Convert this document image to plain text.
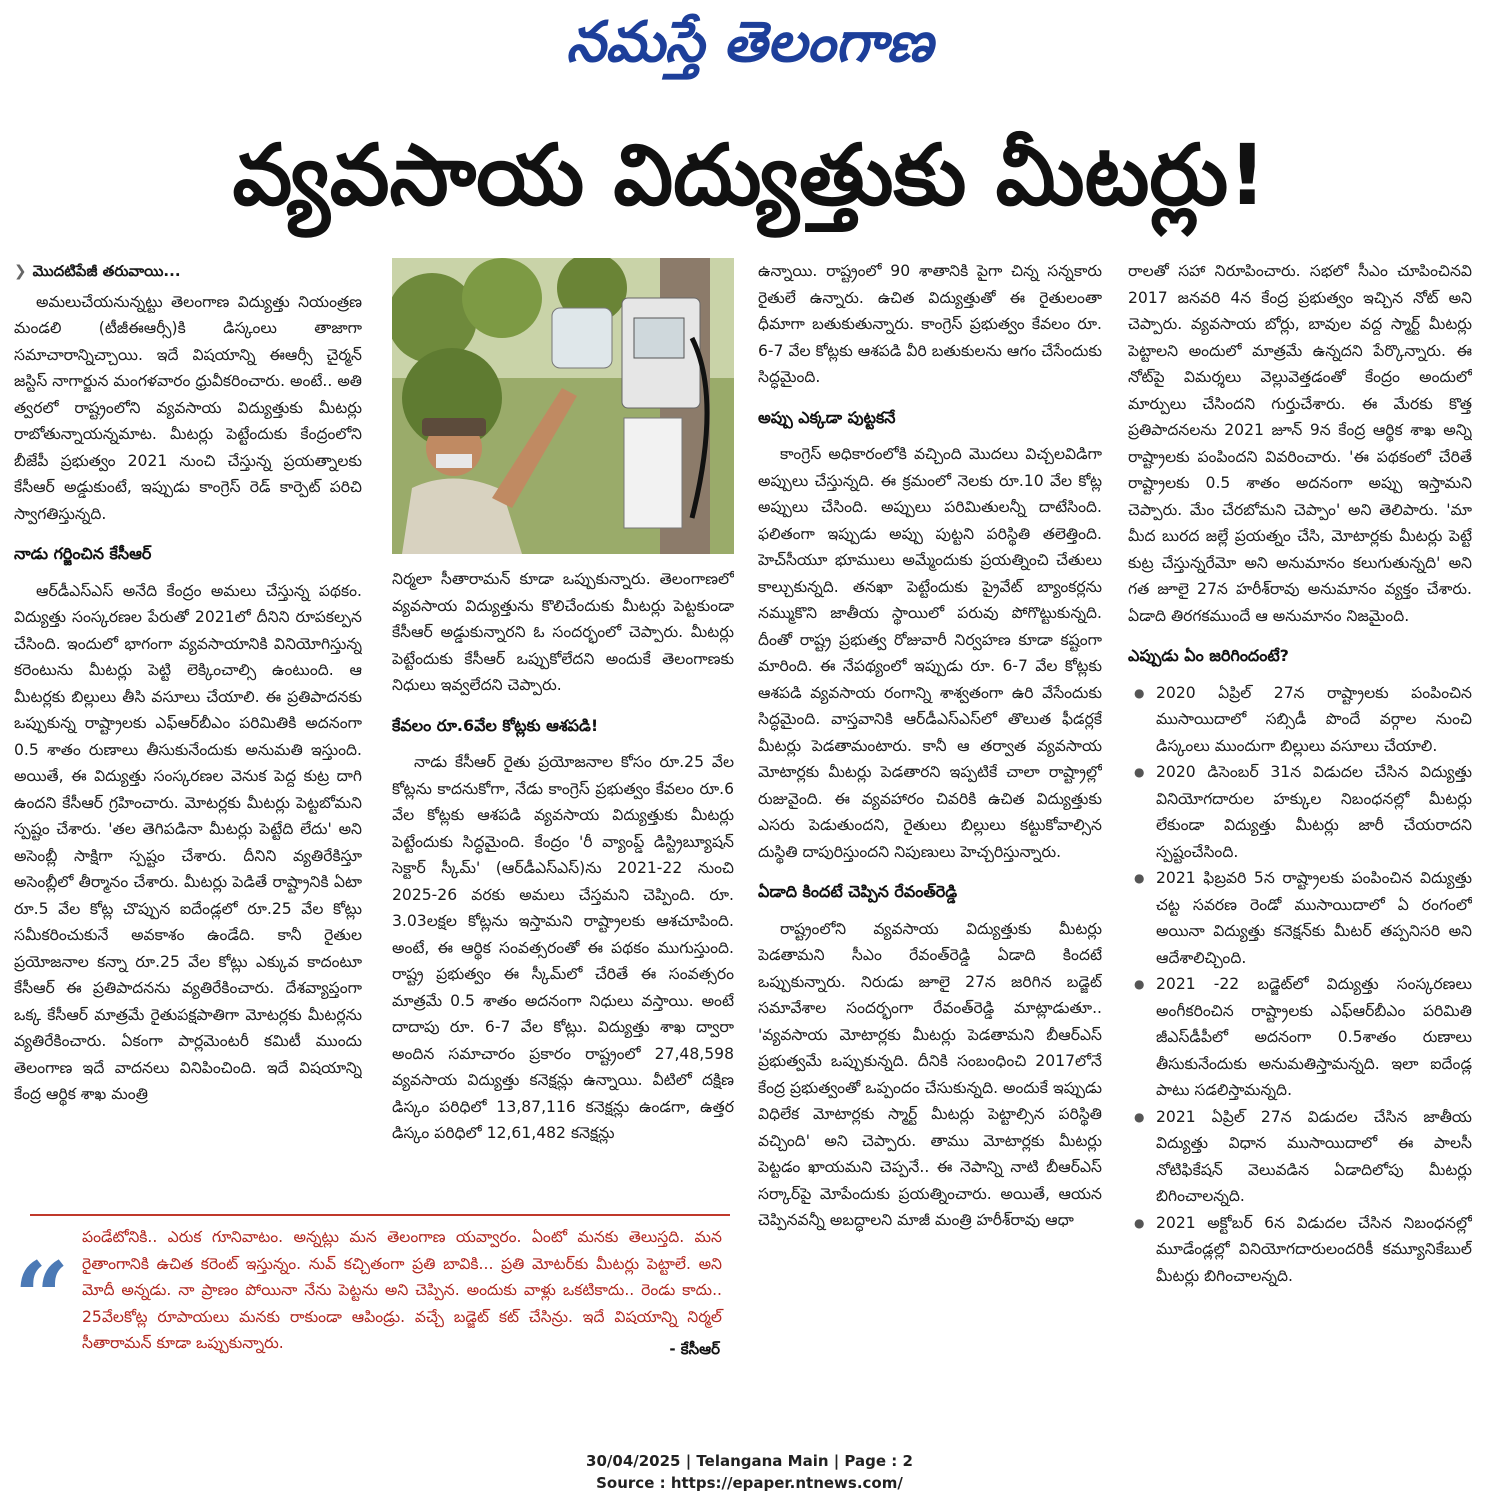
నమస్తే తెలంగాణ
వ్యవసాయ విద్యుత్తుకు మీటర్లు!
❯ మొదటిపేజీ తరువాయి...

అమలుచేయనున్నట్టు తెలంగాణ విద్యుత్తు నియంత్రణ మండలి (టీజీఈఆర్సీ)కి డిస్కంలు తాజాగా సమాచారాన్నిచ్చాయి. ఇదే విషయాన్ని ఈఆర్సీ చైర్మన్ జస్టిస్ నాగార్జున మంగళవారం ధ్రువీకరించారు. అంటే.. అతి త్వరలో రాష్ట్రంలోని వ్యవసాయ విద్యుత్తుకు మీటర్లు రాబోతున్నాయన్నమాట. మీటర్లు పెట్టేందుకు కేంద్రంలోని బీజేపీ ప్రభుత్వం 2021 నుంచి చేస్తున్న ప్రయత్నాలకు కేసీఆర్ అడ్డుకుంటే, ఇప్పుడు కాంగ్రెస్ రెడ్ కార్పెట్ పరిచి స్వాగతిస్తున్నది.

నాడు గర్జించిన కేసీఆర్

ఆర్‌డీఎస్‌ఎస్ అనేది కేంద్రం అమలు చేస్తున్న పథకం. విద్యుత్తు సంస్కరణల పేరుతో 2021లో దీనిని రూపకల్పన చేసింది. ఇందులో భాగంగా వ్యవసాయానికి వినియోగిస్తున్న కరెంటును మీటర్లు పెట్టి లెక్కించాల్సి ఉంటుంది. ఆ మీటర్లకు బిల్లులు తీసి వసూలు చేయాలి. ఈ ప్రతిపాదనకు ఒప్పుకున్న రాష్ట్రాలకు ఎఫ్ఆర్‌బీఎం పరిమితికి అదనంగా 0.5 శాతం రుణాలు తీసుకునేందుకు అనుమతి ఇస్తుంది. అయితే, ఈ విద్యుత్తు సంస్కరణల వెనుక పెద్ద కుట్ర దాగి ఉందని కేసీఆర్ గ్రహించారు. మోటర్లకు మీటర్లు పెట్టబోమని స్పష్టం చేశారు. 'తల తెగిపడినా మీటర్లు పెట్టేది లేదు' అని అసెంబ్లీ సాక్షిగా స్పష్టం చేశారు. దీనిని వ్యతిరేకిస్తూ అసెంబ్లీలో తీర్మానం చేశారు. మీటర్లు పెడితే రాష్ట్రానికి ఏటా రూ.5 వేల కోట్ల చొప్పున ఐదేండ్లలో రూ.25 వేల కోట్లు సమీకరించుకునే అవకాశం ఉండేది. కానీ రైతుల ప్రయోజనాల కన్నా రూ.25 వేల కోట్లు ఎక్కువ కాదంటూ కేసీఆర్ ఈ ప్రతిపాదనను వ్యతిరేకించారు. దేశవ్యాప్తంగా ఒక్క కేసీఆర్ మాత్రమే రైతుపక్షపాతిగా మోటర్లకు మీటర్లను వ్యతిరేకించారు. ఏకంగా పార్లమెంటరీ కమిటీ ముందు తెలంగాణ ఇదే వాదనలు వినిపించింది. ఇదే విషయాన్ని కేంద్ర ఆర్థిక శాఖ మంత్రి

నిర్మలా సీతారామన్ కూడా ఒప్పుకున్నారు. తెలంగాణలో వ్యవసాయ విద్యుత్తును కొలిచేందుకు మీటర్లు పెట్టకుండా కేసీఆర్ అడ్డుకున్నారని ఓ సందర్భంలో చెప్పారు. మీటర్లు పెట్టేందుకు కేసీఆర్ ఒప్పుకోలేదని అందుకే తెలంగాణకు నిధులు ఇవ్వలేదని చెప్పారు.

కేవలం రూ.6వేల కోట్లకు ఆశపడి!

నాడు కేసీఆర్ రైతు ప్రయోజనాల కోసం రూ.25 వేల కోట్లను కాదనుకోగా, నేడు కాంగ్రెస్ ప్రభుత్వం కేవలం రూ.6 వేల కోట్లకు ఆశపడి వ్యవసాయ విద్యుత్తుకు మీటర్లు పెట్టేందుకు సిద్ధమైంది. కేంద్రం 'రీ వ్యాంప్డ్ డిస్ట్రిబ్యూషన్ సెక్టార్ స్కీమ్' (ఆర్‌డీఎస్‌ఎస్)ను 2021-22 నుంచి 2025-26 వరకు అమలు చేస్తమని చెప్పింది. రూ. 3.03లక్షల కోట్లను ఇస్తామని రాష్ట్రాలకు ఆశచూపింది. అంటే, ఈ ఆర్థిక సంవత్సరంతో ఈ పథకం ముగుస్తుంది. రాష్ట్ర ప్రభుత్వం ఈ స్కీమ్‌లో చేరితే ఈ సంవత్సరం మాత్రమే 0.5 శాతం అదనంగా నిధులు వస్తాయి. అంటే దాదాపు రూ. 6-7 వేల కోట్లు. విద్యుత్తు శాఖ ద్వారా అందిన సమాచారం ప్రకారం రాష్ట్రంలో 27,48,598 వ్యవసాయ విద్యుత్తు కనెక్షన్లు ఉన్నాయి. వీటిలో దక్షిణ డిస్కం పరిధిలో 13,87,116 కనెక్షన్లు ఉండగా, ఉత్తర డిస్కం పరిధిలో 12,61,482 కనెక్షన్లు

ఉన్నాయి. రాష్ట్రంలో 90 శాతానికి పైగా చిన్న సన్నకారు రైతులే ఉన్నారు. ఉచిత విద్యుత్తుతో ఈ రైతులంతా ధీమాగా బతుకుతున్నారు. కాంగ్రెస్ ప్రభుత్వం కేవలం రూ. 6-7 వేల కోట్లకు ఆశపడి వీరి బతుకులను ఆగం చేసేందుకు సిద్ధమైంది.

అప్పు ఎక్కడా పుట్టకనే

కాంగ్రెస్ అధికారంలోకి వచ్చింది మొదలు విచ్చలవిడిగా అప్పులు చేస్తున్నది. ఈ క్రమంలో నెలకు రూ.10 వేల కోట్ల అప్పులు చేసింది. అప్పులు పరిమితులన్నీ దాటేసింది. ఫలితంగా ఇప్పుడు అప్పు పుట్టని పరిస్థితి తలెత్తింది. హెచ్‌సీయూ భూములు అమ్మేందుకు ప్రయత్నించి చేతులు కాల్చుకున్నది. తనఖా పెట్టేందుకు ప్రైవేట్ బ్యాంకర్లను నమ్ముకొని జాతీయ స్థాయిలో పరువు పోగొట్టుకున్నది. దీంతో రాష్ట్ర ప్రభుత్వ రోజువారీ నిర్వహణ కూడా కష్టంగా మారింది. ఈ నేపథ్యంలో ఇప్పుడు రూ. 6-7 వేల కోట్లకు ఆశపడి వ్యవసాయ రంగాన్ని శాశ్వతంగా ఉరి వేసేందుకు సిద్ధమైంది. వాస్తవానికి ఆర్‌డీఎస్‌ఎస్‌లో తొలుత ఫీడర్లకే మీటర్లు పెడతామంటారు. కానీ ఆ తర్వాత వ్యవసాయ మోటార్లకు మీటర్లు పెడతారని ఇప్పటికే చాలా రాష్ట్రాల్లో రుజువైంది. ఈ వ్యవహారం చివరికి ఉచిత విద్యుత్తుకు ఎసరు పెడుతుందని, రైతులు బిల్లులు కట్టుకోవాల్సిన దుస్థితి దాపురిస్తుందని నిపుణులు హెచ్చరిస్తున్నారు.

ఏడాది కిందటే చెప్పిన రేవంత్‌రెడ్డి

రాష్ట్రంలోని వ్యవసాయ విద్యుత్తుకు మీటర్లు పెడతామని సీఎం రేవంత్‌రెడ్డి ఏడాది కిందటే ఒప్పుకున్నారు. నిరుడు జూలై 27న జరిగిన బడ్జెట్ సమావేశాల సందర్భంగా రేవంత్‌రెడ్డి మాట్లాడుతూ.. 'వ్యవసాయ మోటార్లకు మీటర్లు పెడతామని బీఆర్ఎస్ ప్రభుత్వమే ఒప్పుకున్నది. దీనికి సంబంధించి 2017లోనే కేంద్ర ప్రభుత్వంతో ఒప్పందం చేసుకున్నది. అందుకే ఇప్పుడు విధిలేక మోటార్లకు స్మార్ట్ మీటర్లు పెట్టాల్సిన పరిస్థితి వచ్చింది' అని చెప్పారు. తాము మోటార్లకు మీటర్లు పెట్టడం ఖాయమని చెప్పనే.. ఈ నెపాన్ని నాటి బీఆర్ఎస్ సర్కార్‌పై మోపేందుకు ప్రయత్నించారు. అయితే, ఆయన చెప్పినవన్నీ అబద్ధాలని మాజీ మంత్రి హరీశ్‌రావు ఆధా

రాలతో సహా నిరూపించారు. సభలో సీఎం చూపించినవి 2017 జనవరి 4న కేంద్ర ప్రభుత్వం ఇచ్చిన నోట్ అని చెప్పారు. వ్యవసాయ బోర్లు, బావుల వద్ద స్మార్ట్ మీటర్లు పెట్టాలని అందులో మాత్రమే ఉన్నదని పేర్కొన్నారు. ఈ నోట్‌పై విమర్శలు వెల్లువెత్తడంతో కేంద్రం అందులో మార్పులు చేసిందని గుర్తుచేశారు. ఈ మేరకు కొత్త ప్రతిపాదనలను 2021 జూన్ 9న కేంద్ర ఆర్థిక శాఖ అన్ని రాష్ట్రాలకు పంపిందని వివరించారు. 'ఈ పథకంలో చేరితే రాష్ట్రాలకు 0.5 శాతం అదనంగా అప్పు ఇస్తామని చెప్పారు. మేం చేరబోమని చెప్పాం' అని తెలిపారు. 'మా మీద బురద జల్లే ప్రయత్నం చేసి, మోటార్లకు మీటర్లు పెట్టే కుట్ర చేస్తున్నరేమో అని అనుమానం కలుగుతున్నది' అని గత జూలై 27న హరీశ్‌రావు అనుమానం వ్యక్తం చేశారు. ఏడాది తిరగకముందే ఆ అనుమానం నిజమైంది.

ఎప్పుడు ఏం జరిగిందంటే?
● 2020 ఏప్రిల్ 27న రాష్ట్రాలకు పంపించిన ముసాయిదాలో సబ్సిడీ పొందే వర్గాల నుంచి డిస్కంలు ముందుగా బిల్లులు వసూలు చేయాలి.
● 2020 డిసెంబర్ 31న విడుదల చేసిన విద్యుత్తు వినియోగదారుల హక్కుల నిబంధనల్లో మీటర్లు లేకుండా విద్యుత్తు మీటర్లు జారీ చేయరాదని స్పష్టంచేసింది.
● 2021 ఫిబ్రవరి 5న రాష్ట్రాలకు పంపించిన విద్యుత్తు చట్ట సవరణ రెండో ముసాయిదాలో ఏ రంగంలో అయినా విద్యుత్తు కనెక్షన్‌కు మీటర్ తప్పనిసరి అని ఆదేశాలిచ్చింది.
● 2021 -22 బడ్జెట్‌లో విద్యుత్తు సంస్కరణలు అంగీకరించిన రాష్ట్రాలకు ఎఫ్ఆర్‌బీఎం పరిమితి జీఎస్‌డీపీలో అదనంగా 0.5శాతం రుణాలు తీసుకునేందుకు అనుమతిస్తామన్నది. ఇలా ఐదేండ్ల పాటు సడలిస్తామన్నది.
● 2021 ఏప్రిల్ 27న విడుదల చేసిన జాతీయ విద్యుత్తు విధాన ముసాయిదాలో ఈ పాలసీ నోటిఫికేషన్ వెలువడిన ఏడాదిలోపు మీటర్లు బిగించాలన్నది.
● 2021 అక్టోబర్ 6న విడుదల చేసిన నిబంధనల్లో మూడేండ్లల్లో వినియోగదారులందరికీ కమ్యూనికేబుల్ మీటర్లు బిగించాలన్నది.
“
పండేటోనికి.. ఎరుక గూనివాటం. అన్నట్లు మన తెలంగాణ యవ్వారం. ఏంటో మనకు తెలుస్తది. మన రైతాంగానికి ఉచిత కరెంట్ ఇస్తున్నం. నువ్ కచ్చితంగా ప్రతి బావికి... ప్రతి మోటర్‌కు మీటర్లు పెట్టాలే. అని మోదీ అన్నడు. నా ప్రాణం పోయినా నేను పెట్టను అని చెప్పిన. అందుకు వాళ్లు ఒకటికాదు.. రెండు కాదు.. 25వేలకోట్ల రూపాయలు మనకు రాకుండా ఆపిండ్రు. వచ్చే బడ్జెట్ కట్ చేసిన్రు. ఇదే విషయాన్ని నిర్మల్ సీతారామన్ కూడా ఒప్పుకున్నారు.	- కేసీఆర్
30/04/2025 | Telangana Main | Page : 2
Source : https://epaper.ntnews.com/
